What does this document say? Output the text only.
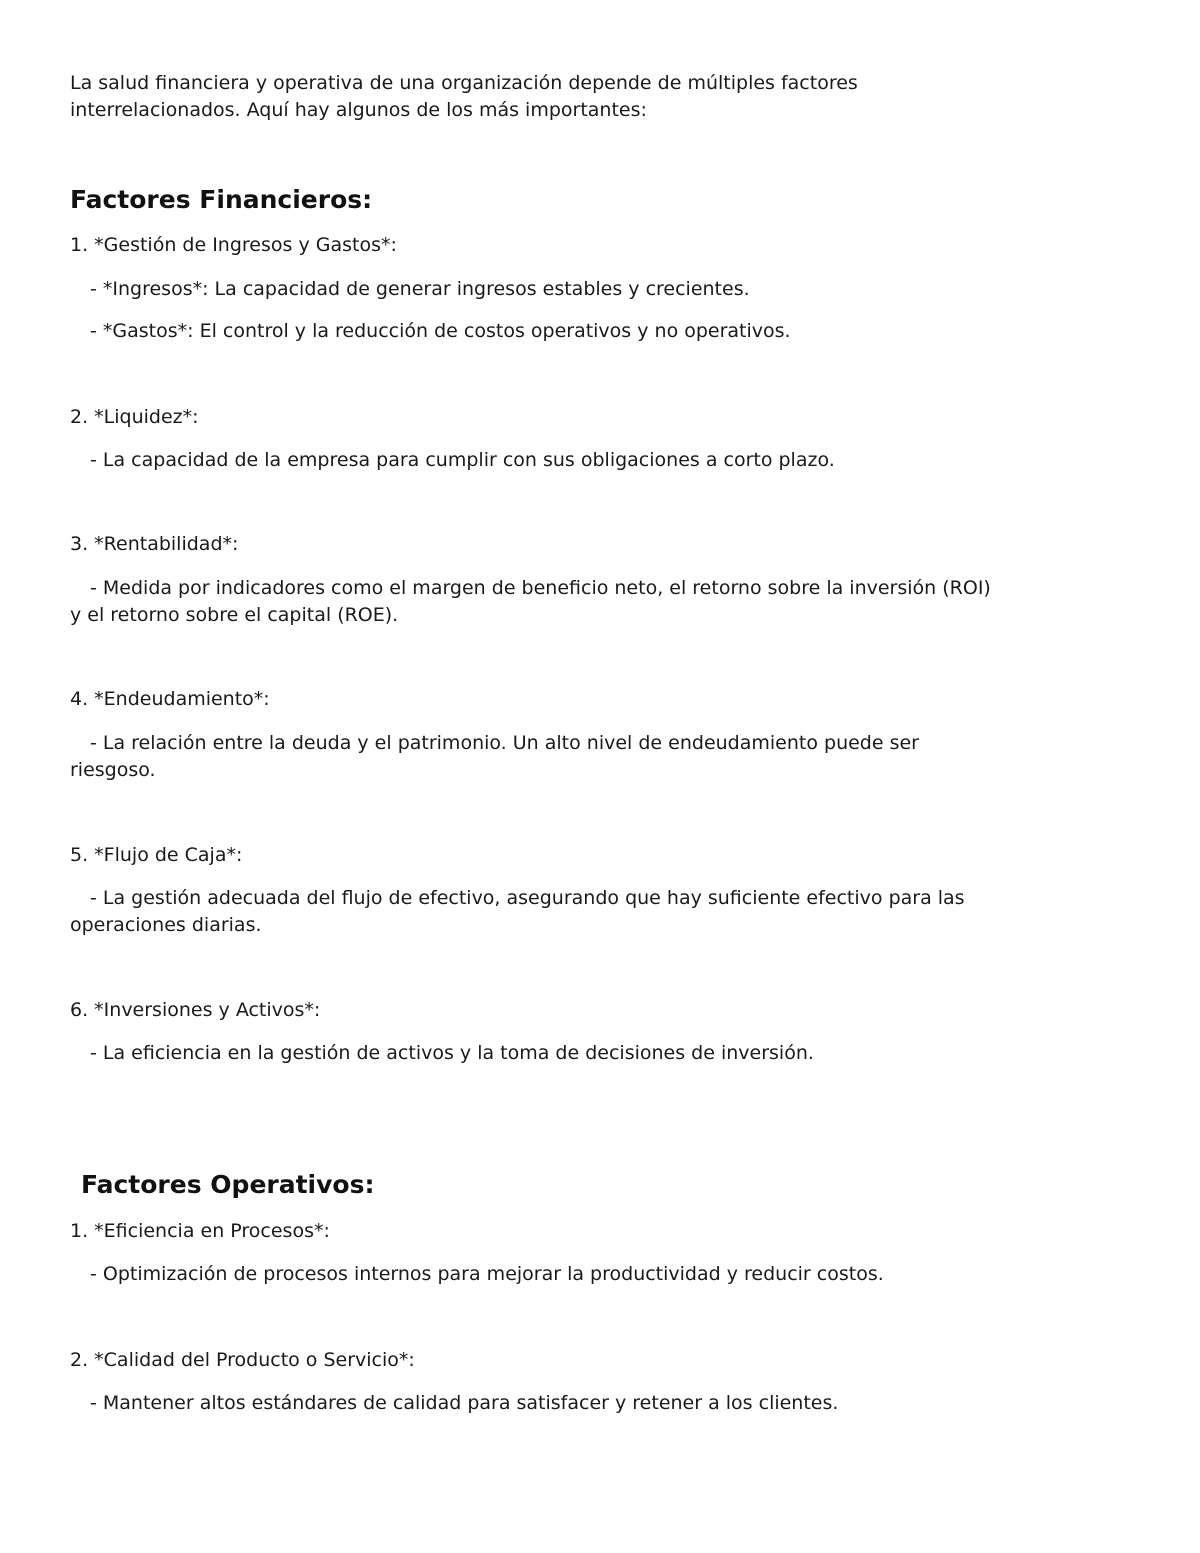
La salud financiera y operativa de una organización depende de múltiples factores

interrelacionados. Aquí hay algunos de los más importantes:

Factores Financieros:

1. *Gestión de Ingresos y Gastos*:

- *Ingresos*: La capacidad de generar ingresos estables y crecientes.

- *Gastos*: El control y la reducción de costos operativos y no operativos.

2. *Liquidez*:

- La capacidad de la empresa para cumplir con sus obligaciones a corto plazo.

3. *Rentabilidad*:

- Medida por indicadores como el margen de beneficio neto, el retorno sobre la inversión (ROI)

y el retorno sobre el capital (ROE).

4. *Endeudamiento*:

- La relación entre la deuda y el patrimonio. Un alto nivel de endeudamiento puede ser

riesgoso.

5. *Flujo de Caja*:

- La gestión adecuada del flujo de efectivo, asegurando que hay suficiente efectivo para las

operaciones diarias.

6. *Inversiones y Activos*:

- La eficiencia en la gestión de activos y la toma de decisiones de inversión.

Factores Operativos:

1. *Eficiencia en Procesos*:

- Optimización de procesos internos para mejorar la productividad y reducir costos.

2. *Calidad del Producto o Servicio*:

- Mantener altos estándares de calidad para satisfacer y retener a los clientes.
